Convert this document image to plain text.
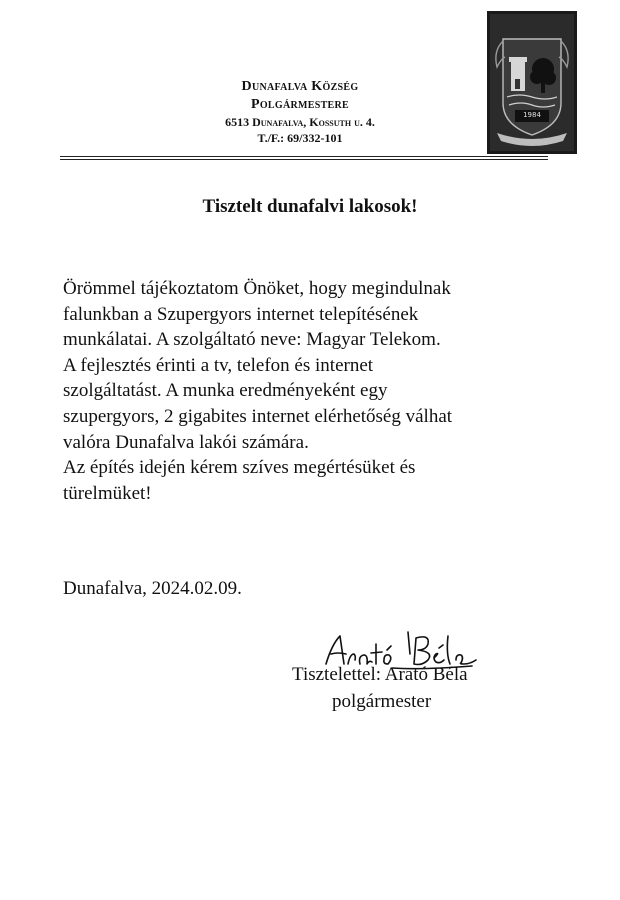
Dunafalva Község
Polgármestere
6513 Dunafalva, Kossuth u. 4.
T./F.: 69/332-101
1984
Tisztelt dunafalvi lakosok!
Örömmel tájékoztatom Önöket, hogy megindulnak
falunkban a Szupergyors internet telepítésének
munkálatai. A szolgáltató neve: Magyar Telekom.
A fejlesztés érinti a tv, telefon és internet
szolgáltatást. A munka eredményeként egy
szupergyors, 2 gigabites internet elérhetőség válhat
valóra Dunafalva lakói számára.
Az építés idején kérem szíves megértésüket és
türelmüket!
Dunafalva, 2024.02.09.
Tisztelettel: Arató Béla
polgármester
